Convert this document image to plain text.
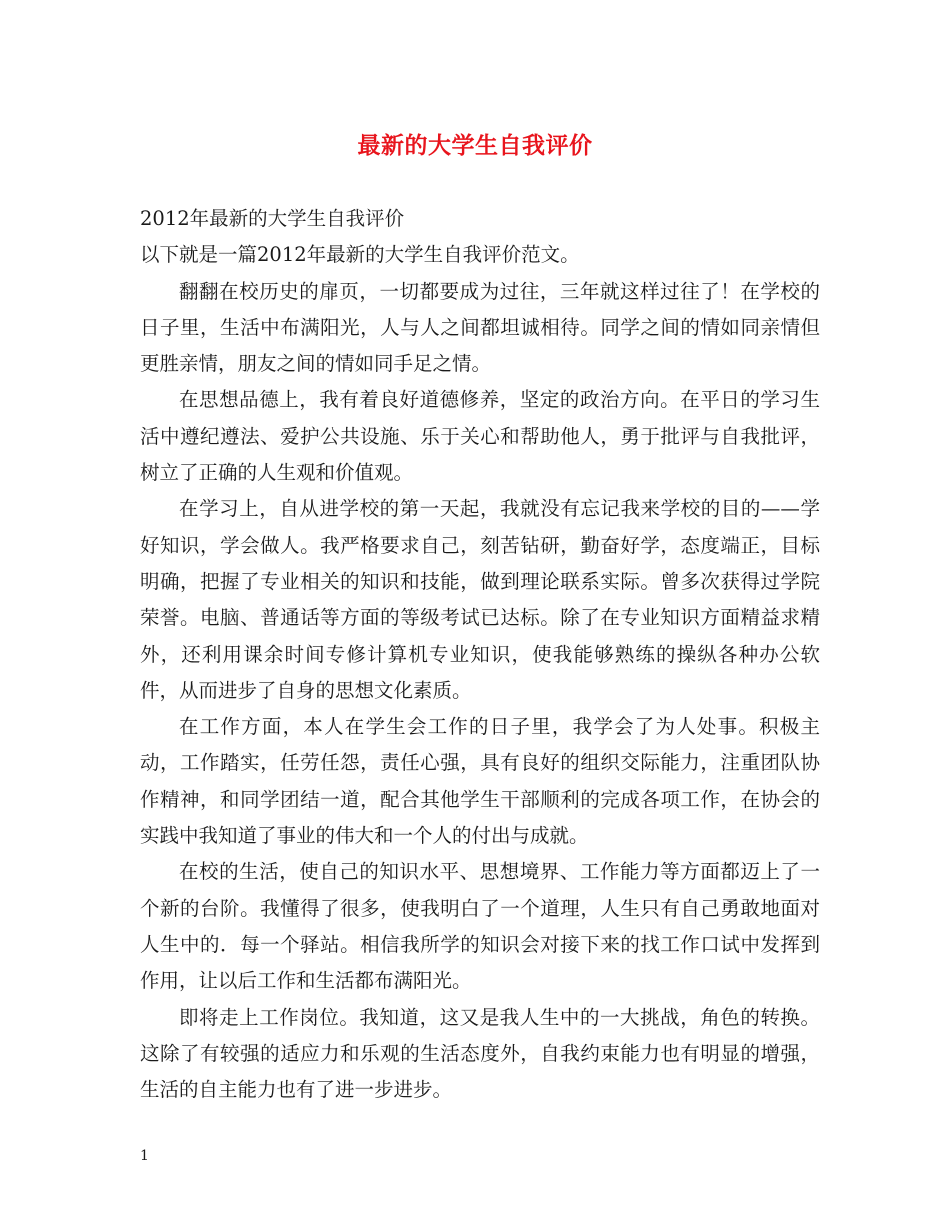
最新的大学生自我评价

2012年最新的大学生自我评价

以下就是一篇2012年最新的大学生自我评价范文。

翻翻在校历史的扉页，一切都要成为过往，三年就这样过往了！在学校的日子里，生活中布满阳光，人与人之间都坦诚相待。同学之间的情如同亲情但更胜亲情，朋友之间的情如同手足之情。

在思想品德上，我有着良好道德修养，坚定的政治方向。在平日的学习生活中遵纪遵法、爱护公共设施、乐于关心和帮助他人，勇于批评与自我批评，树立了正确的人生观和价值观。

在学习上，自从进学校的第一天起，我就没有忘记我来学校的目的——学好知识，学会做人。我严格要求自己，刻苦钻研，勤奋好学，态度端正，目标明确，把握了专业相关的知识和技能，做到理论联系实际。曾多次获得过学院荣誉。电脑、普通话等方面的等级考试已达标。除了在专业知识方面精益求精外，还利用课余时间专修计算机专业知识，使我能够熟练的操纵各种办公软件，从而进步了自身的思想文化素质。

在工作方面，本人在学生会工作的日子里，我学会了为人处事。积极主动，工作踏实，任劳任怨，责任心强，具有良好的组织交际能力，注重团队协作精神，和同学团结一道，配合其他学生干部顺利的完成各项工作，在协会的实践中我知道了事业的伟大和一个人的付出与成就。

在校的生活，使自己的知识水平、思想境界、工作能力等方面都迈上了一个新的台阶。我懂得了很多，使我明白了一个道理，人生只有自己勇敢地面对人生中的．每一个驿站。相信我所学的知识会对接下来的找工作口试中发挥到作用，让以后工作和生活都布满阳光。

即将走上工作岗位。我知道，这又是我人生中的一大挑战，角色的转换。这除了有较强的适应力和乐观的生活态度外，自我约束能力也有明显的增强，生活的自主能力也有了进一步进步。

1
